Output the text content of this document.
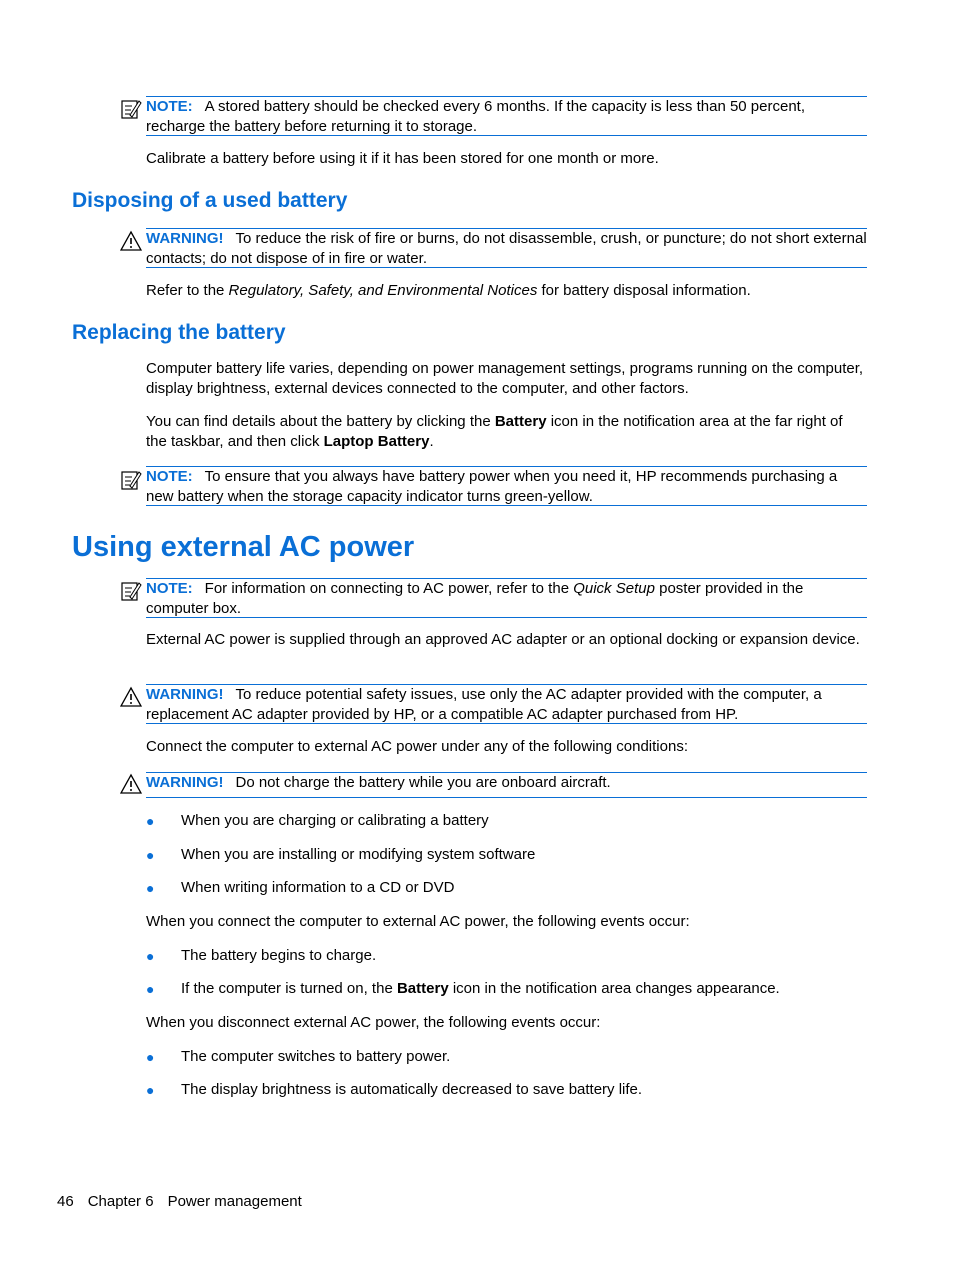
NOTE: A stored battery should be checked every 6 months. If the capacity is less than 50 percent, recharge the battery before returning it to storage.
Calibrate a battery before using it if it has been stored for one month or more.
Disposing of a used battery
WARNING! To reduce the risk of fire or burns, do not disassemble, crush, or puncture; do not short external contacts; do not dispose of in fire or water.
Refer to the Regulatory, Safety, and Environmental Notices for battery disposal information.
Replacing the battery
Computer battery life varies, depending on power management settings, programs running on the computer, display brightness, external devices connected to the computer, and other factors.
You can find details about the battery by clicking the Battery icon in the notification area at the far right of the taskbar, and then click Laptop Battery.
NOTE: To ensure that you always have battery power when you need it, HP recommends purchasing a new battery when the storage capacity indicator turns green-yellow.
Using external AC power
NOTE: For information on connecting to AC power, refer to the Quick Setup poster provided in the computer box.
External AC power is supplied through an approved AC adapter or an optional docking or expansion device.
WARNING! To reduce potential safety issues, use only the AC adapter provided with the computer, a replacement AC adapter provided by HP, or a compatible AC adapter purchased from HP.
Connect the computer to external AC power under any of the following conditions:
WARNING! Do not charge the battery while you are onboard aircraft.
● When you are charging or calibrating a battery
● When you are installing or modifying system software
● When writing information to a CD or DVD
When you connect the computer to external AC power, the following events occur:
● The battery begins to charge.
● If the computer is turned on, the Battery icon in the notification area changes appearance.
When you disconnect external AC power, the following events occur:
● The computer switches to battery power.
● The display brightness is automatically decreased to save battery life.
46 Chapter 6 Power management
